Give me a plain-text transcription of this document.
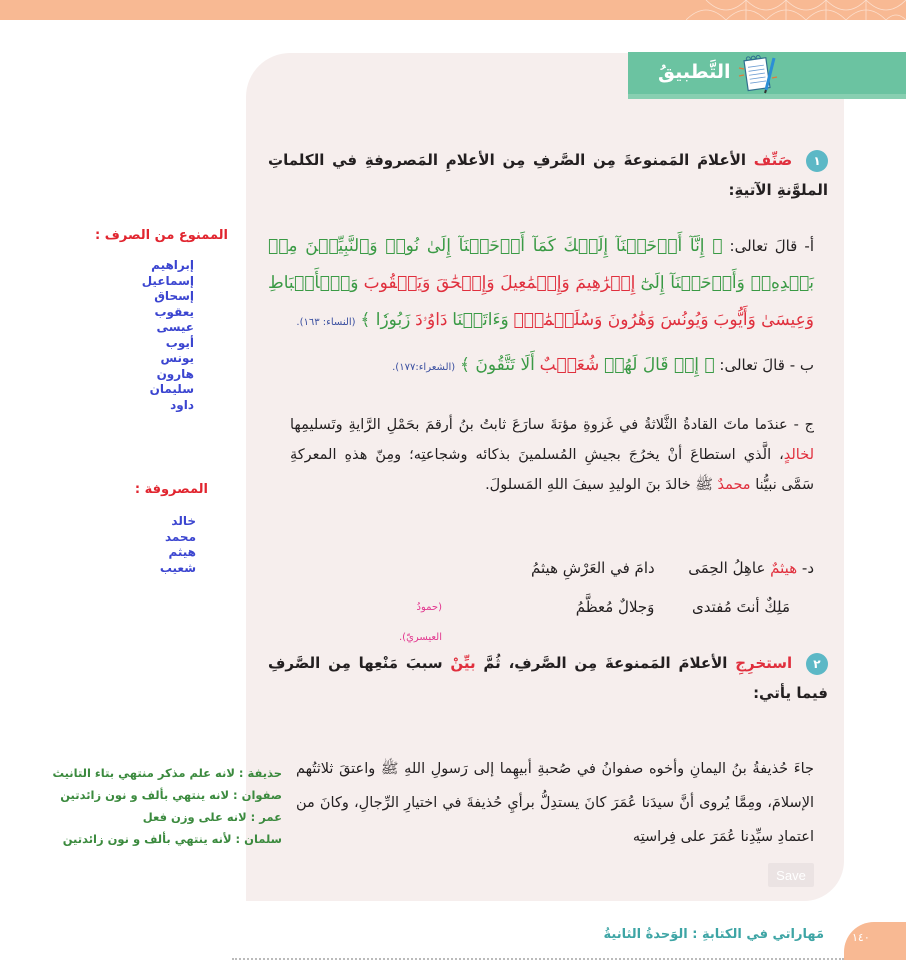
التَّطبيقُ
١ صَنِّف الأعلامَ المَمنوعةَ مِن الصَّرفِ مِن الأعلامِ المَصروفةِ في الكلماتِ الملوَّنةِ الآتيةِ:
أ- قالَ تعالى: ﴿ إِنَّآ أَوۡحَيۡنَآ إِلَيۡكَ كَمَآ أَوۡحَيۡنَآ إِلَىٰ نُوحٖ وَٱلنَّبِيِّـۧنَ مِنۢ بَعۡدِهِۦۚ وَأَوۡحَيۡنَآ إِلَىٰٓ إِبۡرَٰهِيمَ وَإِسۡمَٰعِيلَ وَإِسۡحَٰقَ وَيَعۡقُوبَ وَٱلۡأَسۡبَاطِ وَعِيسَىٰ وَأَيُّوبَ وَيُونُسَ وَهَٰرُونَ وَسُلَيۡمَٰنَۚ وَءَاتَيۡنَا دَاوُۥدَ زَبُورٗا ﴾ (النساء: ١٦٣).
ب - قالَ تعالى: ﴿ إِذۡ قَالَ لَهُمۡ شُعَيۡبٌ أَلَا تَتَّقُونَ ﴾ (الشعراء:١٧٧).
ج - عندَما ماتَ القادةُ الثَّلاثةُ في غَزوةِ مؤتةَ سارَعَ ثابتُ بنُ أرقمَ بحَمْلِ الرَّايةِ وتَسليمِها لخالدٍ، الَّذي استطاعَ أنْ يخرُجَ بجيشِ المُسلمينَ بذكائه وشجاعتِه؛ ومِنّ هذهِ المعركةِ سَمَّى نبيُّنا محمدٌ ﷺ خالدَ بنَ الوليدِ سيفَ اللهِ المَسلولَ.
د- هيثمٌ عاهِلُ الحِمَى  دامَ في العَرْشِ هيثمُ
مَلِكٌ أنتَ مُفتدى  وَجلالٌ مُعظَّمُ
(حمودُ العيسريّ).
٢ استخرِجِ الأعلامَ المَمنوعةَ مِن الصَّرفِ، ثُمَّ بيِّنْ سببَ مَنْعِها مِن الصَّرفِ فيما يأتي:
جاءَ حُذيفةُ بنُ اليمانِ وأخوه صفوانُ في صُحبةِ أبيهِما إلى رَسولِ اللهِ ﷺ واعتقَ ثلاثتُهم الإسلامَ، ومِمَّا يُروى أنَّ سيدَنا عُمَرَ كانَ يستدِلُّ برأيِ حُذيفةَ في اختيارِ الرِّجالِ، وكانَ من اعتمادِ سيِّدِنا عُمَرَ على فِراستِه
Save
الممنوع من الصرف :
إبراهيم
إسماعيل
إسحاق
يعقوب
عيسى
أيوب
يونس
هارون
سليمان
داود
المصروفة :
خالد
محمد
هيثم
شعيب
حذيفة : لانه علم مذكر منتهي بتاء التانيث
صفوان : لانه ينتهي بألف و نون زائدتين
عمر : لانه على وزن فعل
سلمان : لأنه ينتهي بألف و نون زائدتين
١٤٠
مَهاراتي في الكتابةِ : الوَحدةُ الثانيةُ
